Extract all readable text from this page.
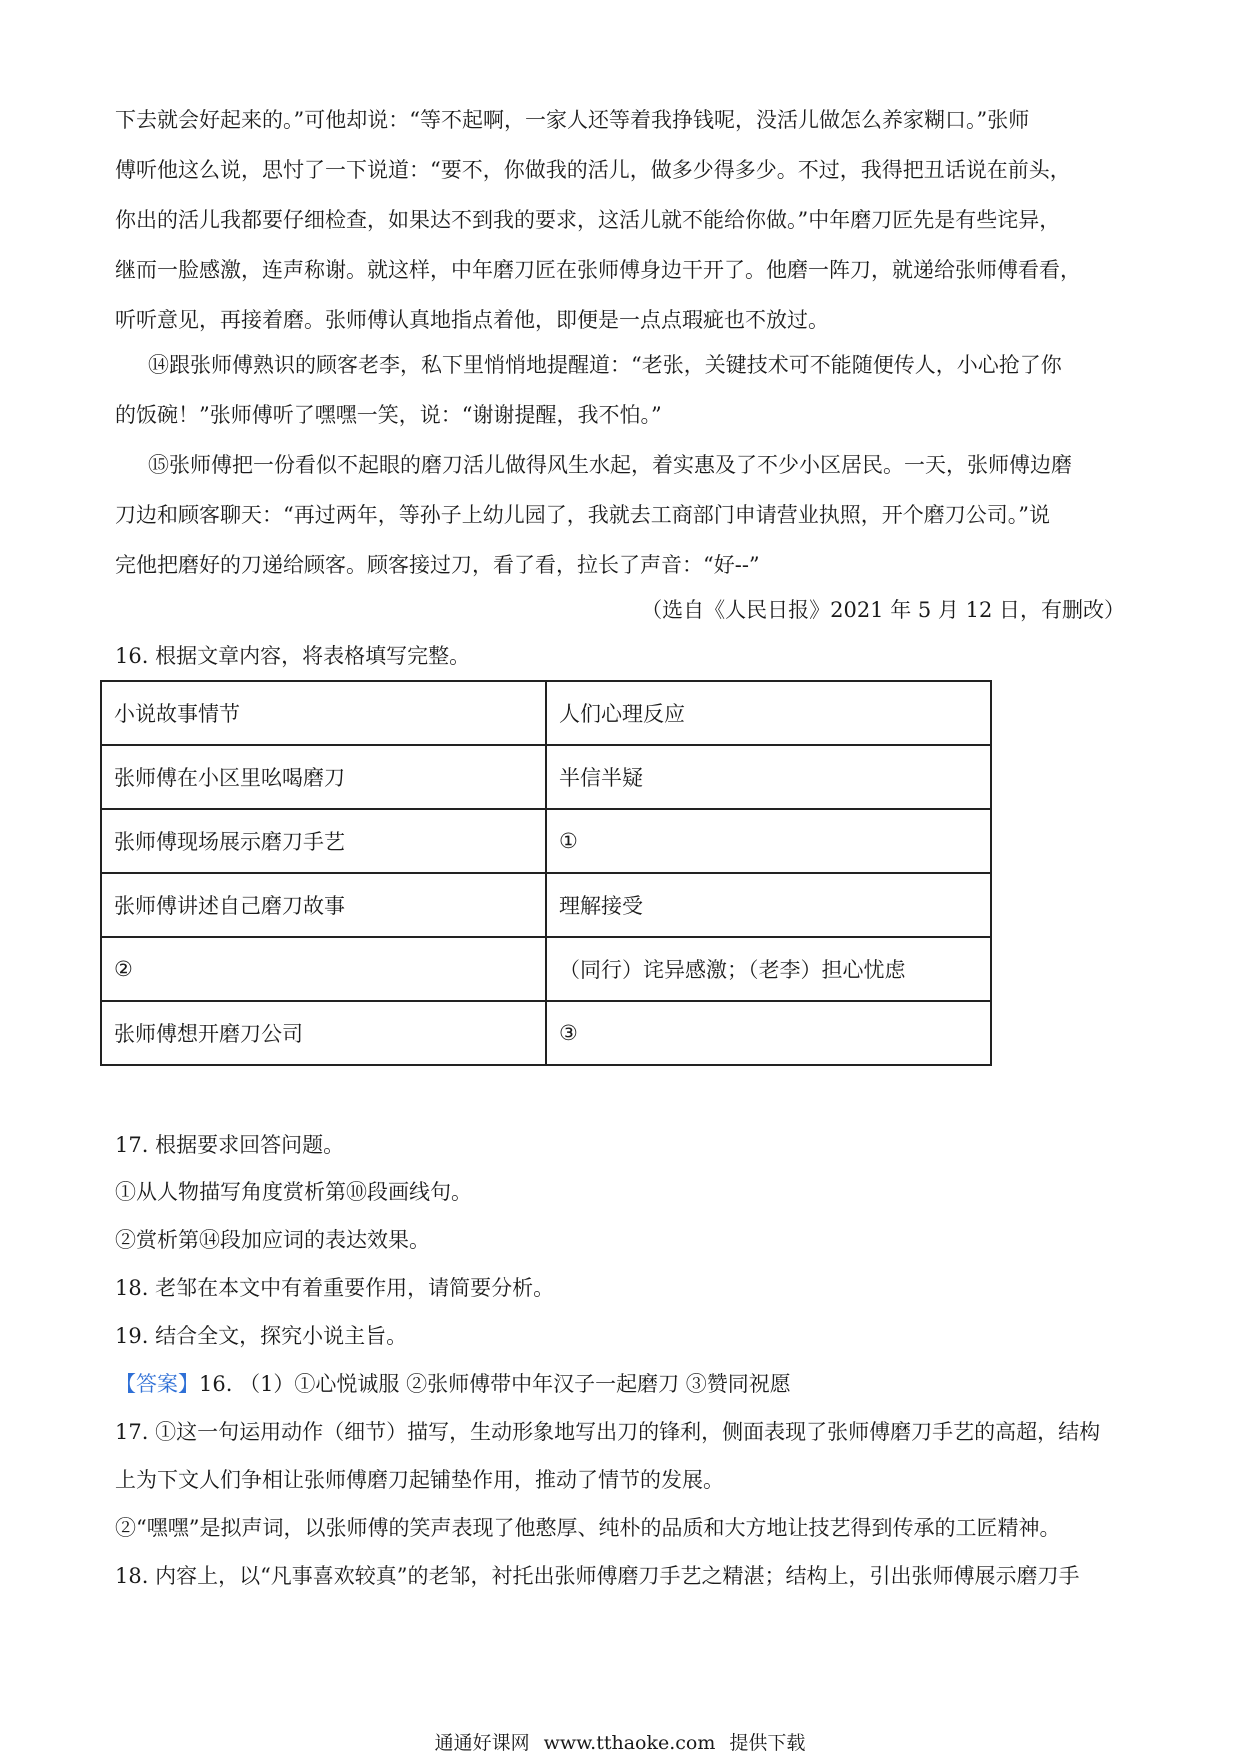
下去就会好起来的。”可他却说：“等不起啊，一家人还等着我挣钱呢，没活儿做怎么养家糊口。”张师
傅听他这么说，思忖了一下说道：“要不，你做我的活儿，做多少得多少。不过，我得把丑话说在前头，
你出的活儿我都要仔细检查，如果达不到我的要求，这活儿就不能给你做。”中年磨刀匠先是有些诧异，
继而一脸感激，连声称谢。就这样，中年磨刀匠在张师傅身边干开了。他磨一阵刀，就递给张师傅看看，
听听意见，再接着磨。张师傅认真地指点着他，即便是一点点瑕疵也不放过。
⑭跟张师傅熟识的顾客老李，私下里悄悄地提醒道：“老张，关键技术可不能随便传人，小心抢了你
的饭碗！”张师傅听了嘿嘿一笑，说：“谢谢提醒，我不怕。”
⑮张师傅把一份看似不起眼的磨刀活儿做得风生水起，着实惠及了不少小区居民。一天，张师傅边磨
刀边和顾客聊天：“再过两年，等孙子上幼儿园了，我就去工商部门申请营业执照，开个磨刀公司。”说
完他把磨好的刀递给顾客。顾客接过刀，看了看，拉长了声音：“好--”
（选自《人民日报》2021 年 5 月 12 日，有删改）
16. 根据文章内容，将表格填写完整。
小说故事情节	人们心理反应
张师傅在小区里吆喝磨刀	半信半疑
张师傅现场展示磨刀手艺	①
张师傅讲述自己磨刀故事	理解接受
②	（同行）诧异感激；（老李）担心忧虑
张师傅想开磨刀公司	③
17. 根据要求回答问题。
①从人物描写角度赏析第⑩段画线句。
②赏析第⑭段加应词的表达效果。
18. 老邹在本文中有着重要作用，请简要分析。
19. 结合全文，探究小说主旨。
【答案】16. （1）①心悦诚服 ②张师傅带中年汉子一起磨刀 ③赞同祝愿
17. ①这一句运用动作（细节）描写，生动形象地写出刀的锋利，侧面表现了张师傅磨刀手艺的高超，结构
上为下文人们争相让张师傅磨刀起铺垫作用，推动了情节的发展。
②“嘿嘿”是拟声词，以张师傅的笑声表现了他憨厚、纯朴的品质和大方地让技艺得到传承的工匠精神。
18. 内容上，以“凡事喜欢较真”的老邹，衬托出张师傅磨刀手艺之精湛；结构上，引出张师傅展示磨刀手
通通好课网 www.tthaoke.com 提供下载
